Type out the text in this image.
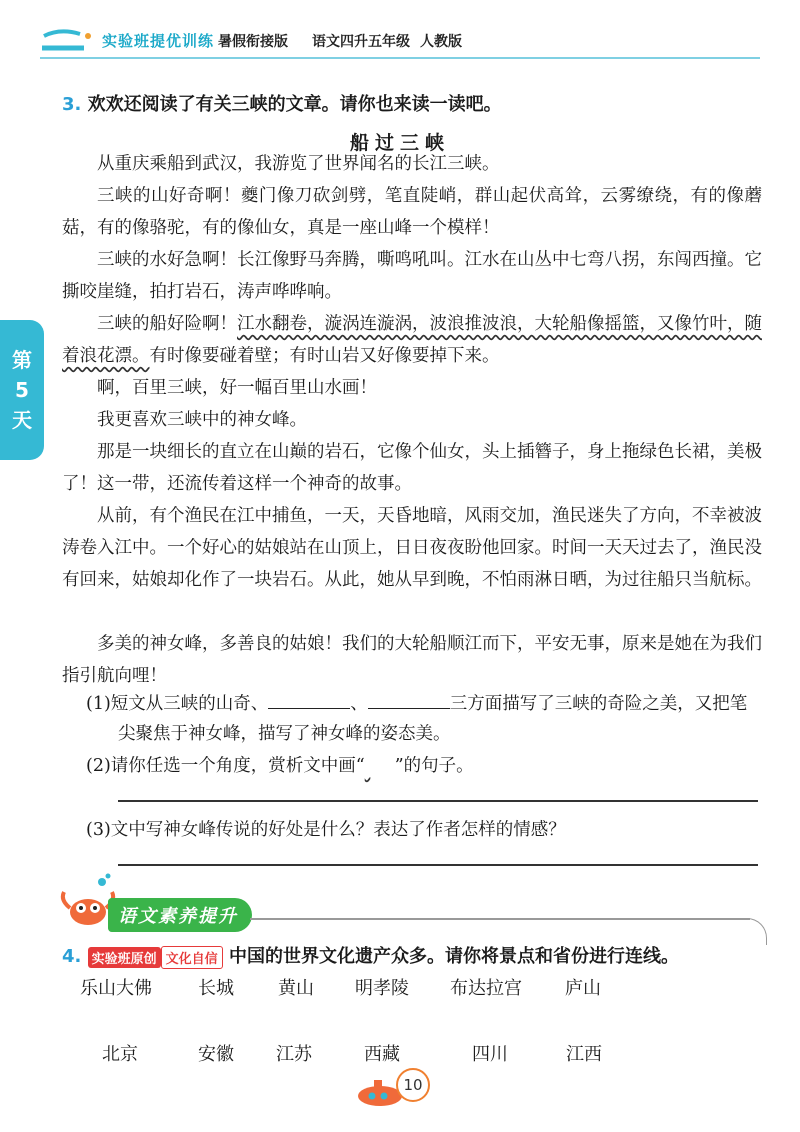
实验班提优训练 暑假衔接版 语文四升五年级 人教版
第
5
天
3. 欢欢还阅读了有关三峡的文章。请你也来读一读吧。
船过三峡
从重庆乘船到武汉，我游览了世界闻名的长江三峡。
三峡的山好奇啊！夔门像刀砍剑劈，笔直陡峭，群山起伏高耸，云雾缭绕，有的像蘑菇，有的像骆驼，有的像仙女，真是一座山峰一个模样！
三峡的水好急啊！长江像野马奔腾，嘶鸣吼叫。江水在山丛中七弯八拐，东闯西撞。它撕咬崖缝，拍打岩石，涛声哗哗响。
三峡的船好险啊！江水翻卷，漩涡连漩涡，波浪推波浪，大轮船像摇篮，又像竹叶，随着浪花漂。有时像要碰着壁；有时山岩又好像要掉下来。
啊，百里三峡，好一幅百里山水画！
我更喜欢三峡中的神女峰。
那是一块细长的直立在山巅的岩石，它像个仙女，头上插簪子，身上拖绿色长裙，美极了！这一带，还流传着这样一个神奇的故事。
从前，有个渔民在江中捕鱼，一天，天昏地暗，风雨交加，渔民迷失了方向，不幸被波涛卷入江中。一个好心的姑娘站在山顶上，日日夜夜盼他回家。时间一天天过去了，渔民没有回来，姑娘却化作了一块岩石。从此，她从早到晚，不怕雨淋日晒，为过往船只当航标。
多美的神女峰，多善良的姑娘！我们的大轮船顺江而下，平安无事，原来是她在为我们指引航向哩！
(1)短文从三峡的山奇、	、	三方面描写了三峡的奇险之美，又把笔
尖聚焦于神女峰，描写了神女峰的姿态美。
(2)请你任选一个角度，赏析文中画“ ”的句子。
(3)文中写神女峰传说的好处是什么？表达了作者怎样的情感？
语文素养提升
4. 实验班原创 文化自信 中国的世界文化遗产众多。请你将景点和省份进行连线。
乐山大佛	长城 黄山 明孝陵 布达拉宫 庐山
北京	安徽 江苏	西藏	四川	江西
10
